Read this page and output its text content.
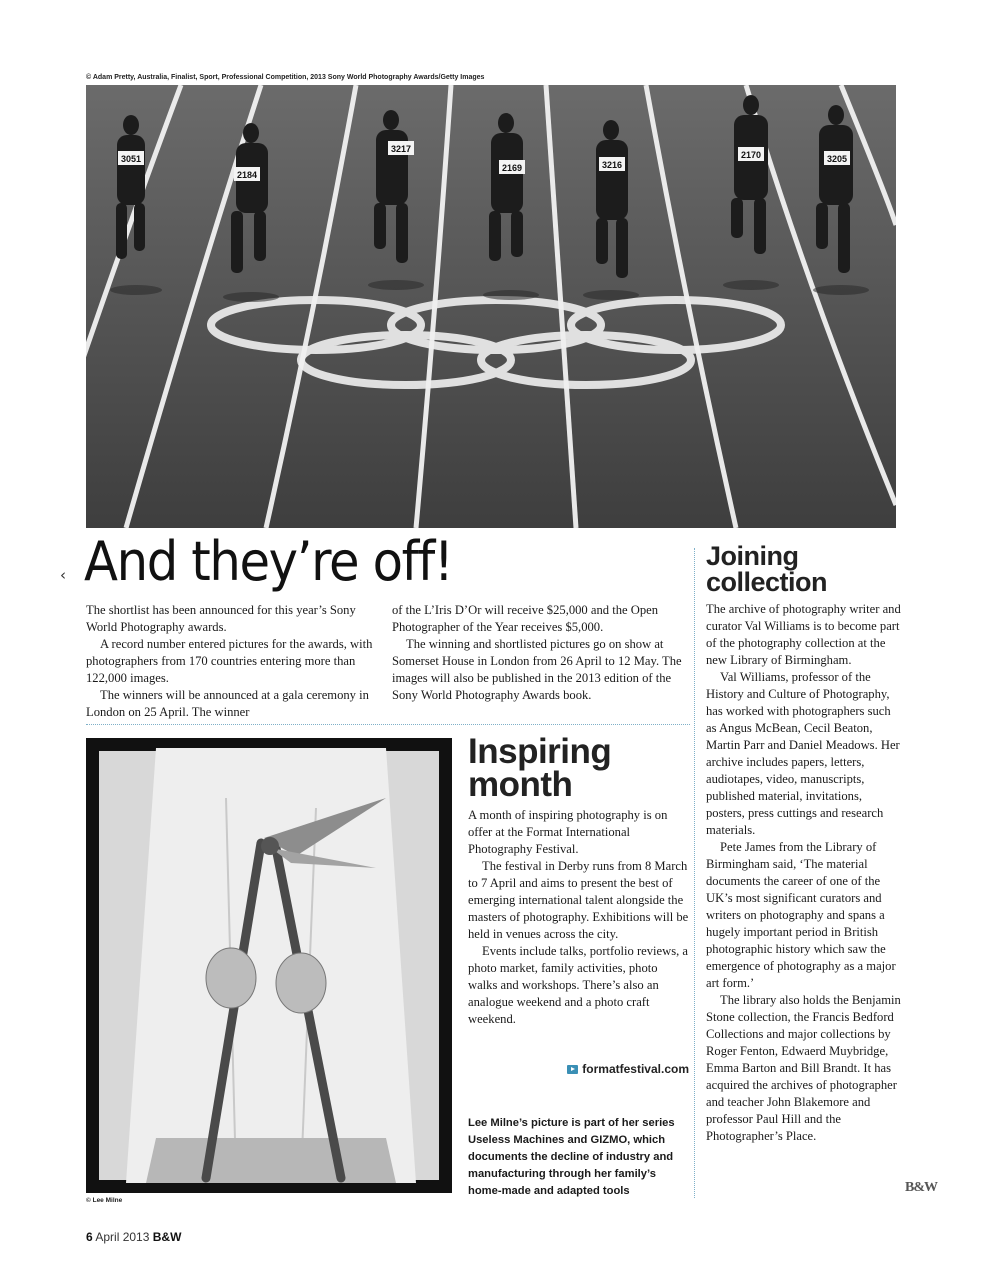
© Adam Pretty, Australia, Finalist, Sport, Professional Competition, 2013 Sony World Photography Awards/Getty Images
3051
2184
3217
2169	3216
2170	3205
‹ And they’re off!

The shortlist has been announced for this year’s Sony World Photography awards.

A record number entered pictures for the awards, with photographers from 170 countries entering more than 122,000 images.

The winners will be announced at a gala ceremony in London on 25 April. The winner

of the L’Iris D’Or will receive $25,000 and the Open Photographer of the Year receives $5,000.

The winning and shortlisted pictures go on show at Somerset House in London from 26 April to 12 May. The images will also be published in the 2013 edition of the Sony World Photography Awards book.

Joining collection

The archive of photography writer and curator Val Williams is to become part of the photography collection at the new Library of Birmingham.

Val Williams, professor of the History and Culture of Photography, has worked with photographers such as Angus McBean, Cecil Beaton, Martin Parr and Daniel Meadows. Her archive includes papers, letters, audiotapes, video, manuscripts, published material, invitations, posters, press cuttings and research materials.

Pete James from the Library of Birmingham said, ‘The material documents the career of one of the UK’s most significant curators and writers on photography and spans a hugely important period in British photographic history which saw the emergence of photography as a major art form.’

The library also holds the Benjamin Stone collection, the Francis Bedford Collections and major collections by Roger Fenton, Edwaerd Muybridge, Emma Barton and Bill Brandt. It has acquired the archives of photographer and teacher John Blakemore and professor Paul Hill and the Photographer’s Place.

B&W
© Lee Milne
Inspiring month

A month of inspiring photography is on offer at the Format International Photography Festival.

The festival in Derby runs from 8 March to 7 April and aims to present the best of emerging international talent alongside the masters of photography. Exhibitions will be held in venues across the city.

Events include talks, portfolio reviews, a photo market, family activities, photo walks and workshops. There’s also an analogue weekend and a photo craft weekend.

formatfestival.com
Lee Milne’s picture is part of her series Useless Machines and GIZMO, which documents the decline of industry and manufacturing through her family’s home-made and adapted tools
6 April 2013 B&W
